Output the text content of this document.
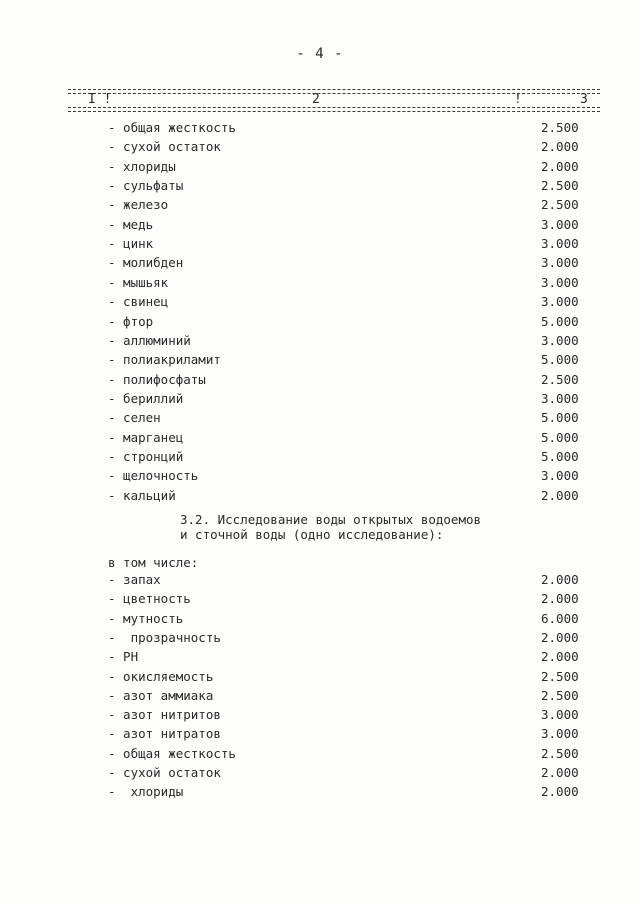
- 4 -
I !	2	!	3
- общая жесткость	2.500
- сухой остаток	2.000
- хлориды	2.000
- сульфаты	2.500
- железо	2.500
- медь	3.000
- цинк	3.000
- молибден	3.000
- мышьяк	3.000
- свинец	3.000
- фтор	5.000
- аллюминий	3.000
- полиакриламит	5.000
- полифосфаты	2.500
- бериллий	3.000
- селен	5.000
- марганец	5.000
- стронций	5.000
- щелочность	3.000
- кальций	2.000
3.2. Исследование воды открытых водоемов
и сточной воды (одно исследование):
в том числе:
- запах	2.000
- цветность	2.000
- мутность	6.000
-  прозрачность	2.000
- PH	2.000
- окисляемость	2.500
- азот аммиака	2.500
- азот нитритов	3.000
- азот нитратов	3.000
- общая жесткость	2.500
- сухой остаток	2.000
-  хлориды	2.000
